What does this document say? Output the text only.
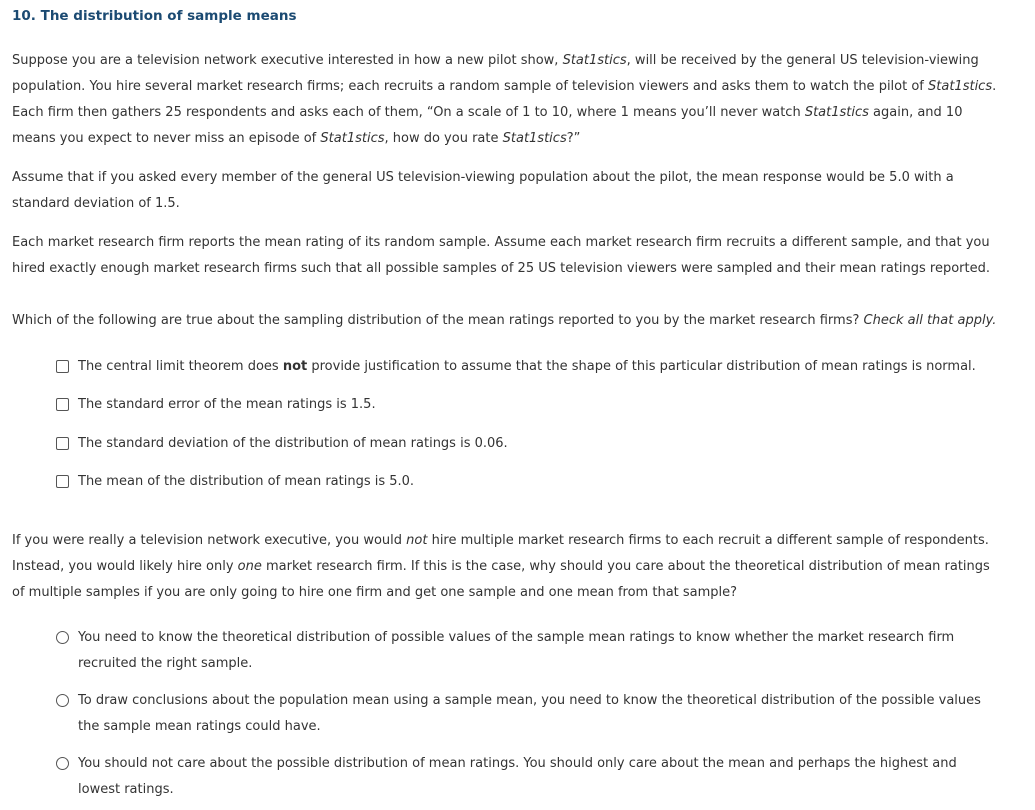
10. The distribution of sample means
Suppose you are a television network executive interested in how a new pilot show, Stat1stics, will be received by the general US television-viewing
population. You hire several market research firms; each recruits a random sample of television viewers and asks them to watch the pilot of Stat1stics.
Each firm then gathers 25 respondents and asks each of them, “On a scale of 1 to 10, where 1 means you’ll never watch Stat1stics again, and 10
means you expect to never miss an episode of Stat1stics, how do you rate Stat1stics?”
Assume that if you asked every member of the general US television-viewing population about the pilot, the mean response would be 5.0 with a
standard deviation of 1.5.
Each market research firm reports the mean rating of its random sample. Assume each market research firm recruits a different sample, and that you
hired exactly enough market research firms such that all possible samples of 25 US television viewers were sampled and their mean ratings reported.
Which of the following are true about the sampling distribution of the mean ratings reported to you by the market research firms? Check all that apply.
The central limit theorem does not provide justification to assume that the shape of this particular distribution of mean ratings is normal.
The standard error of the mean ratings is 1.5.
The standard deviation of the distribution of mean ratings is 0.06.
The mean of the distribution of mean ratings is 5.0.
If you were really a television network executive, you would not hire multiple market research firms to each recruit a different sample of respondents.
Instead, you would likely hire only one market research firm. If this is the case, why should you care about the theoretical distribution of mean ratings
of multiple samples if you are only going to hire one firm and get one sample and one mean from that sample?
You need to know the theoretical distribution of possible values of the sample mean ratings to know whether the market research firm
recruited the right sample.
To draw conclusions about the population mean using a sample mean, you need to know the theoretical distribution of the possible values
the sample mean ratings could have.
You should not care about the possible distribution of mean ratings. You should only care about the mean and perhaps the highest and
lowest ratings.
